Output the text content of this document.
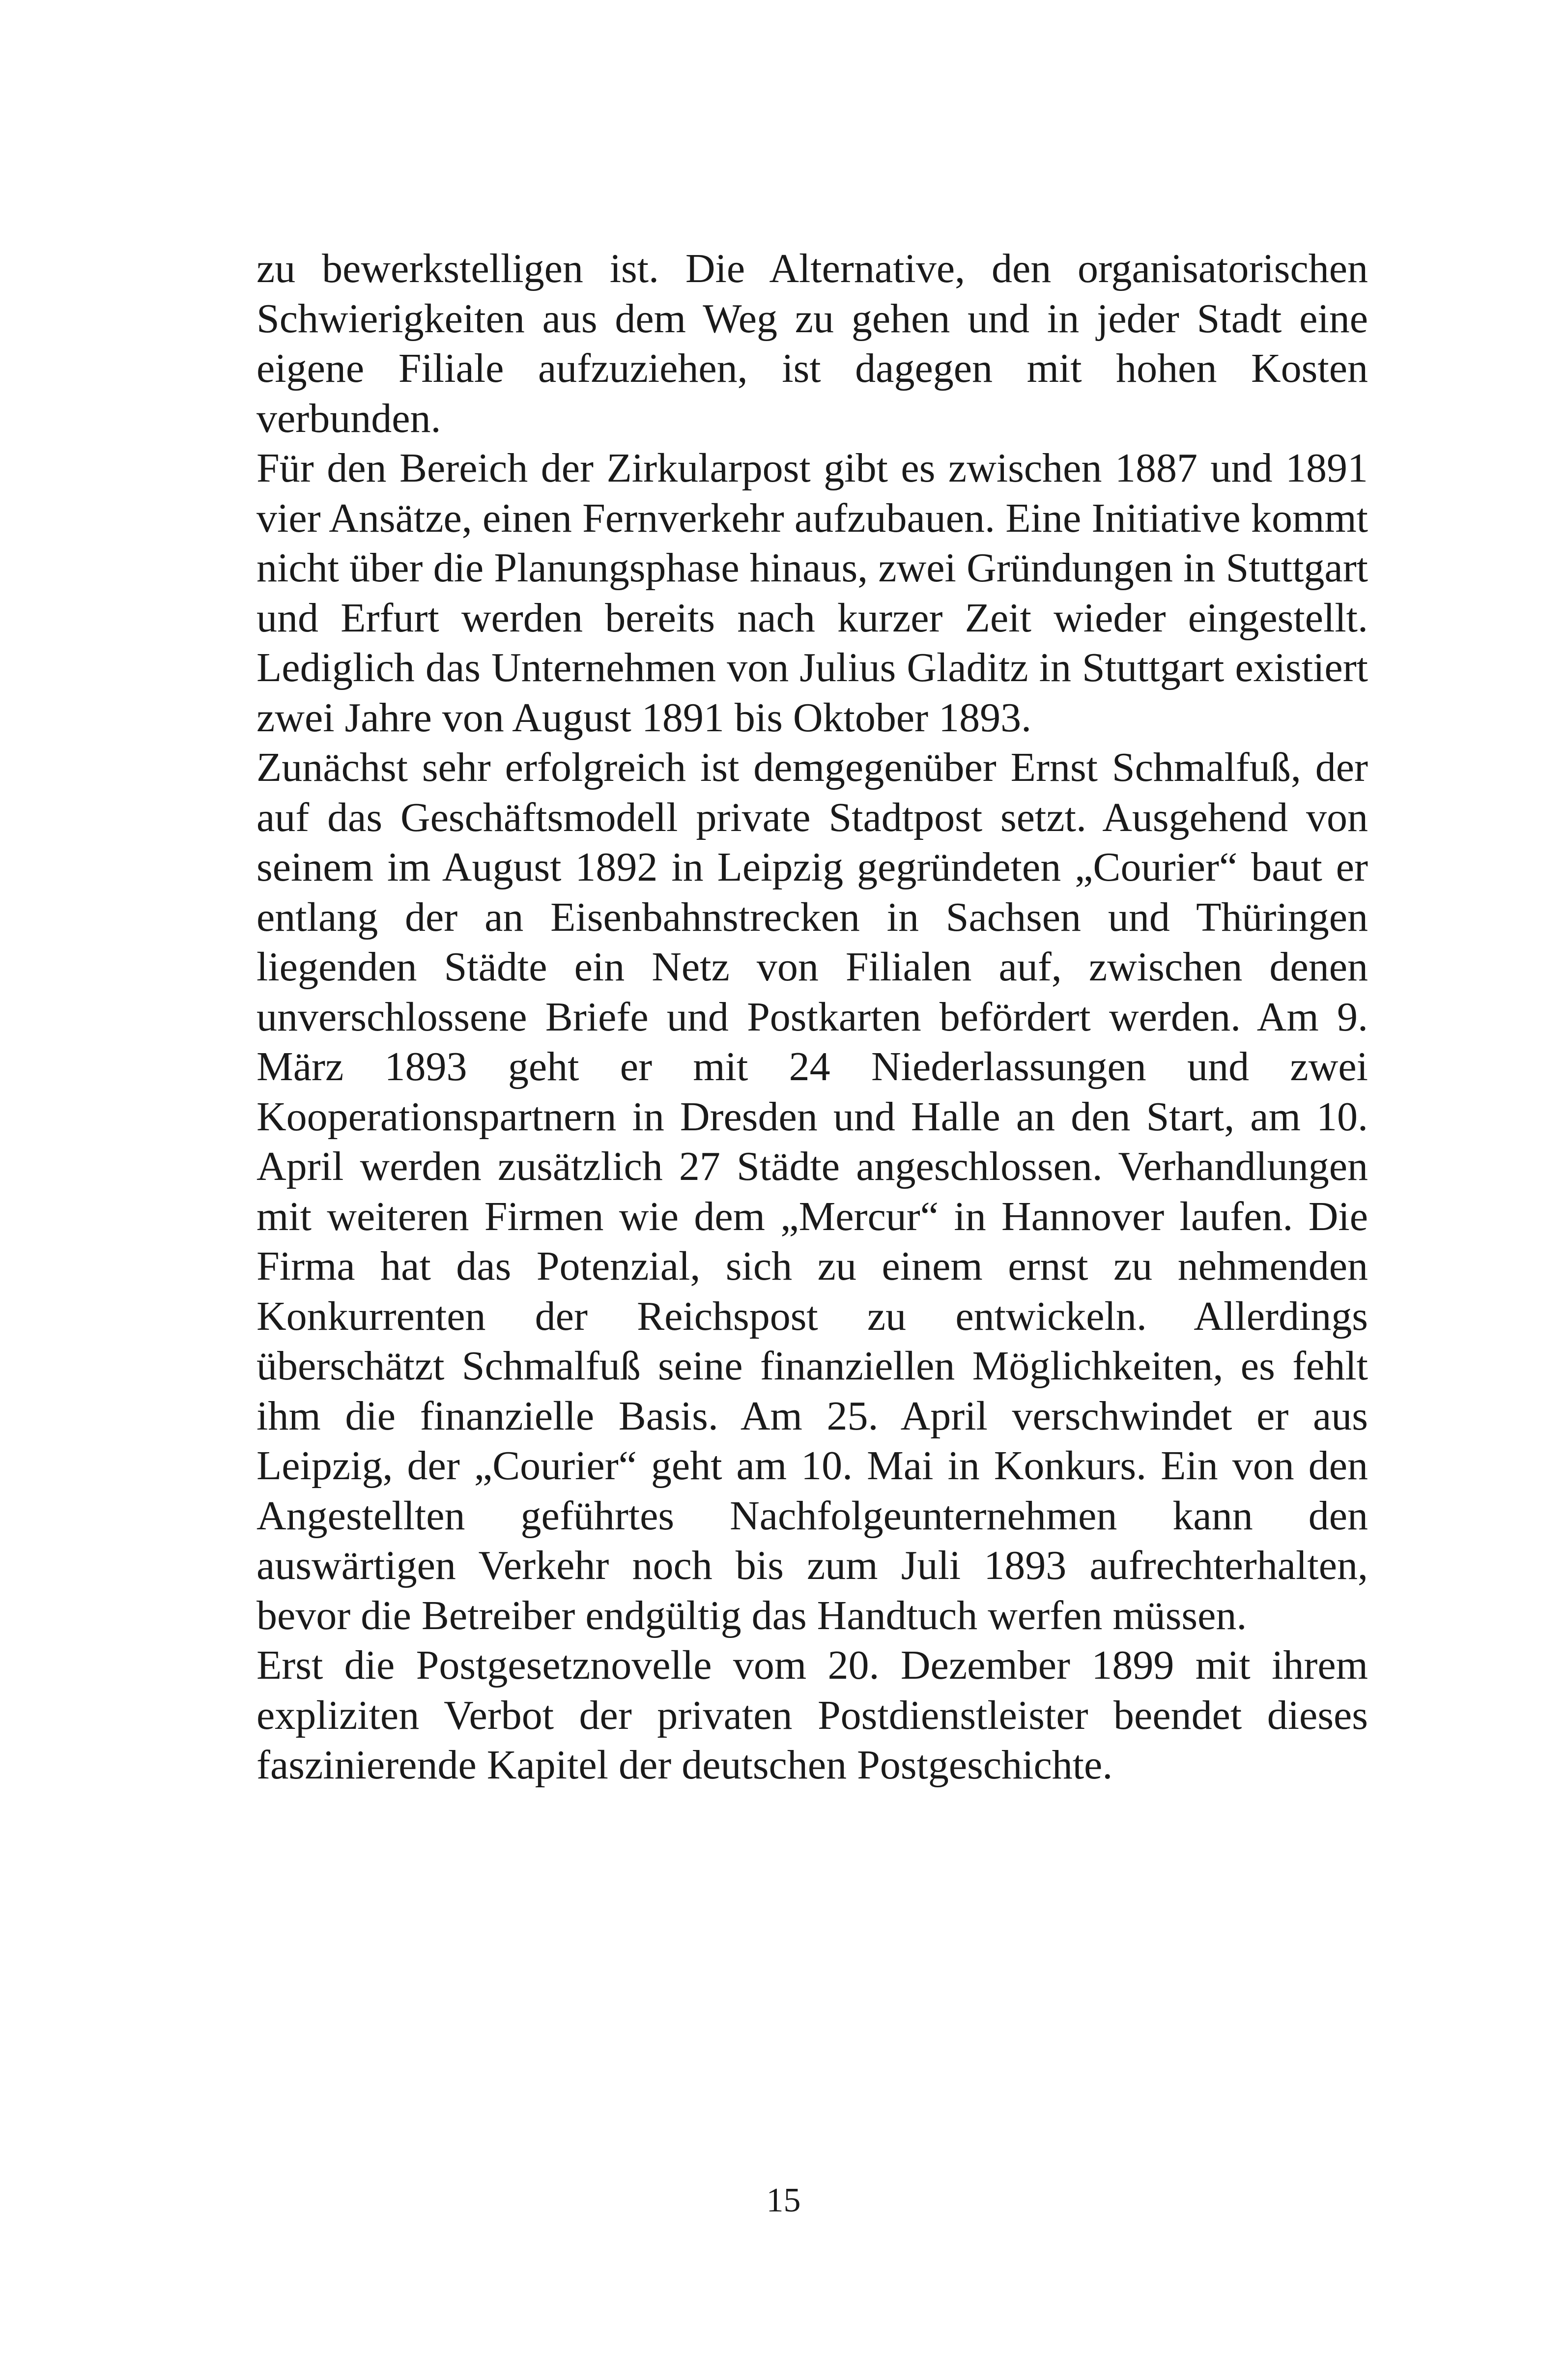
zu bewerkstelligen ist. Die Alternative, den organisatorischen Schwierigkeiten aus dem Weg zu gehen und in jeder Stadt eine eigene Filiale aufzuziehen, ist dagegen mit hohen Kosten verbunden.

Für den Bereich der Zirkularpost gibt es zwischen 1887 und 1891 vier Ansätze, einen Fernverkehr aufzubauen. Eine Initiative kommt nicht über die Planungsphase hinaus, zwei Gründungen in Stuttgart und Erfurt werden bereits nach kurzer Zeit wieder eingestellt. Lediglich das Unternehmen von Julius Gladitz in Stuttgart existiert zwei Jahre von August 1891 bis Oktober 1893.

Zunächst sehr erfolgreich ist demgegenüber Ernst Schmalfuß, der auf das Geschäftsmodell private Stadtpost setzt. Ausgehend von seinem im August 1892 in Leipzig gegründeten „Courier“ baut er entlang der an Eisenbahnstrecken in Sachsen und Thüringen liegenden Städte ein Netz von Filialen auf, zwischen denen unverschlossene Briefe und Postkarten befördert werden. Am 9. März 1893 geht er mit 24 Niederlassungen und zwei Kooperationspartnern in Dresden und Halle an den Start, am 10. April werden zusätzlich 27 Städte angeschlossen. Verhandlungen mit weiteren Firmen wie dem „Mercur“ in Hannover laufen. Die Firma hat das Potenzial, sich zu einem ernst zu nehmenden Konkurrenten der Reichspost zu entwickeln. Allerdings überschätzt Schmalfuß seine finanziellen Möglichkeiten, es fehlt ihm die finanzielle Basis. Am 25. April verschwindet er aus Leipzig, der „Courier“ geht am 10. Mai in Konkurs. Ein von den Angestellten geführtes Nachfolgeunternehmen kann den auswärtigen Verkehr noch bis zum Juli 1893 aufrechterhalten, bevor die Betreiber endgültig das Handtuch werfen müssen.

Erst die Postgesetznovelle vom 20. Dezember 1899 mit ihrem expliziten Verbot der privaten Postdienstleister beendet dieses faszinierende Kapitel der deutschen Postgeschichte.

15
